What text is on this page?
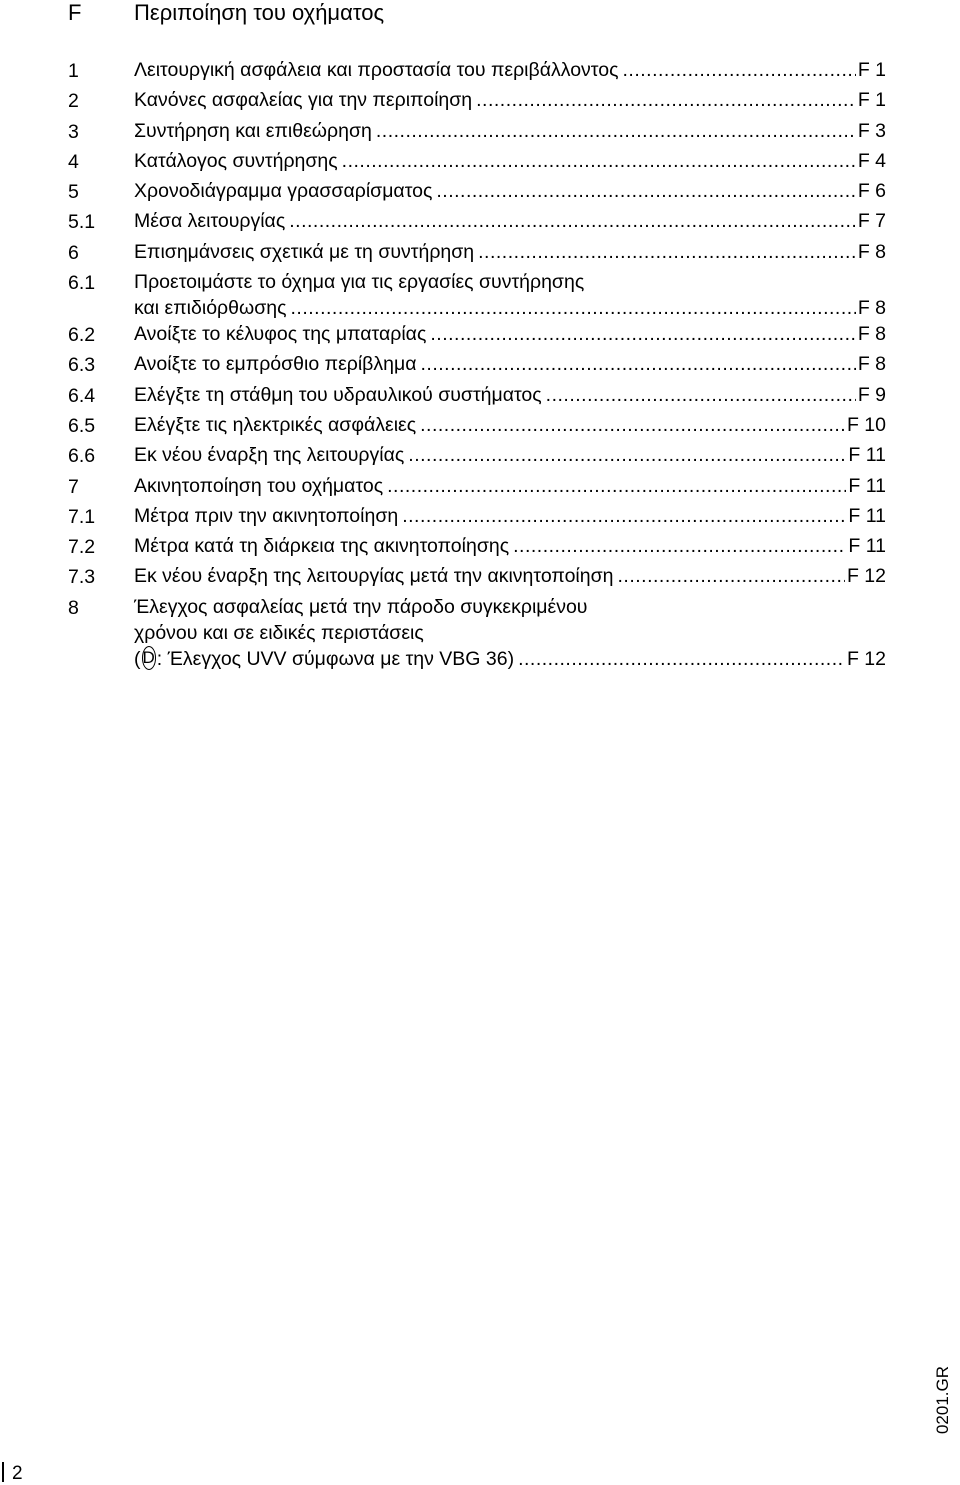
F Περιποίηση του οχήματος
1	Λειτουργική ασφάλεια και προστασία του περιβάλλοντος .....	F 1
2	Κανόνες ασφαλείας για την περιποίηση .....	F 1
3	Συντήρηση και επιθεώρηση .....	F 3
4	Κατάλογος συντήρησης .....	F 4
5	Χρονοδιάγραμμα γρασσαρίσματος .....	F 6
5.1 Μέσα λειτουργίας .....	F 7
6	Επισημάνσεις σχετικά με τη συντήρηση .....	F 8
6.1 Προετοιμάστε το όχημα για τις εργασίες συντήρησης
και επιδιόρθωσης .....	F 8
6.2 Ανοίξτε το κέλυφος της μπαταρίας .....	F 8
6.3 Ανοίξτε το εμπρόσθιο περίβλημα .....	F 8
6.4 Ελέγξτε τη στάθμη του υδραυλικού συστήματος .....	F 9
6.5 Ελέγξτε τις ηλεκτρικές ασφάλειες .....	F 10
6.6 Εκ νέου έναρξη της λειτουργίας .....	F 11
7	Ακινητοποίηση του οχήματος .....	F 11
7.1 Μέτρα πριν την ακινητοποίηση .....	F 11
7.2 Μέτρα κατά τη διάρκεια της ακινητοποίησης .....	F 11
7.3 Εκ νέου έναρξη της λειτουργίας μετά την ακινητοποίηση .....	F 12
8	Έλεγχος ασφαλείας μετά την πάροδο συγκεκριμένου
χρόνου και σε ειδικές περιστάσεις
( D : Έλεγχος UVV σύμφωνα με την VBG 36) .....	F 12
0201.GR
2
